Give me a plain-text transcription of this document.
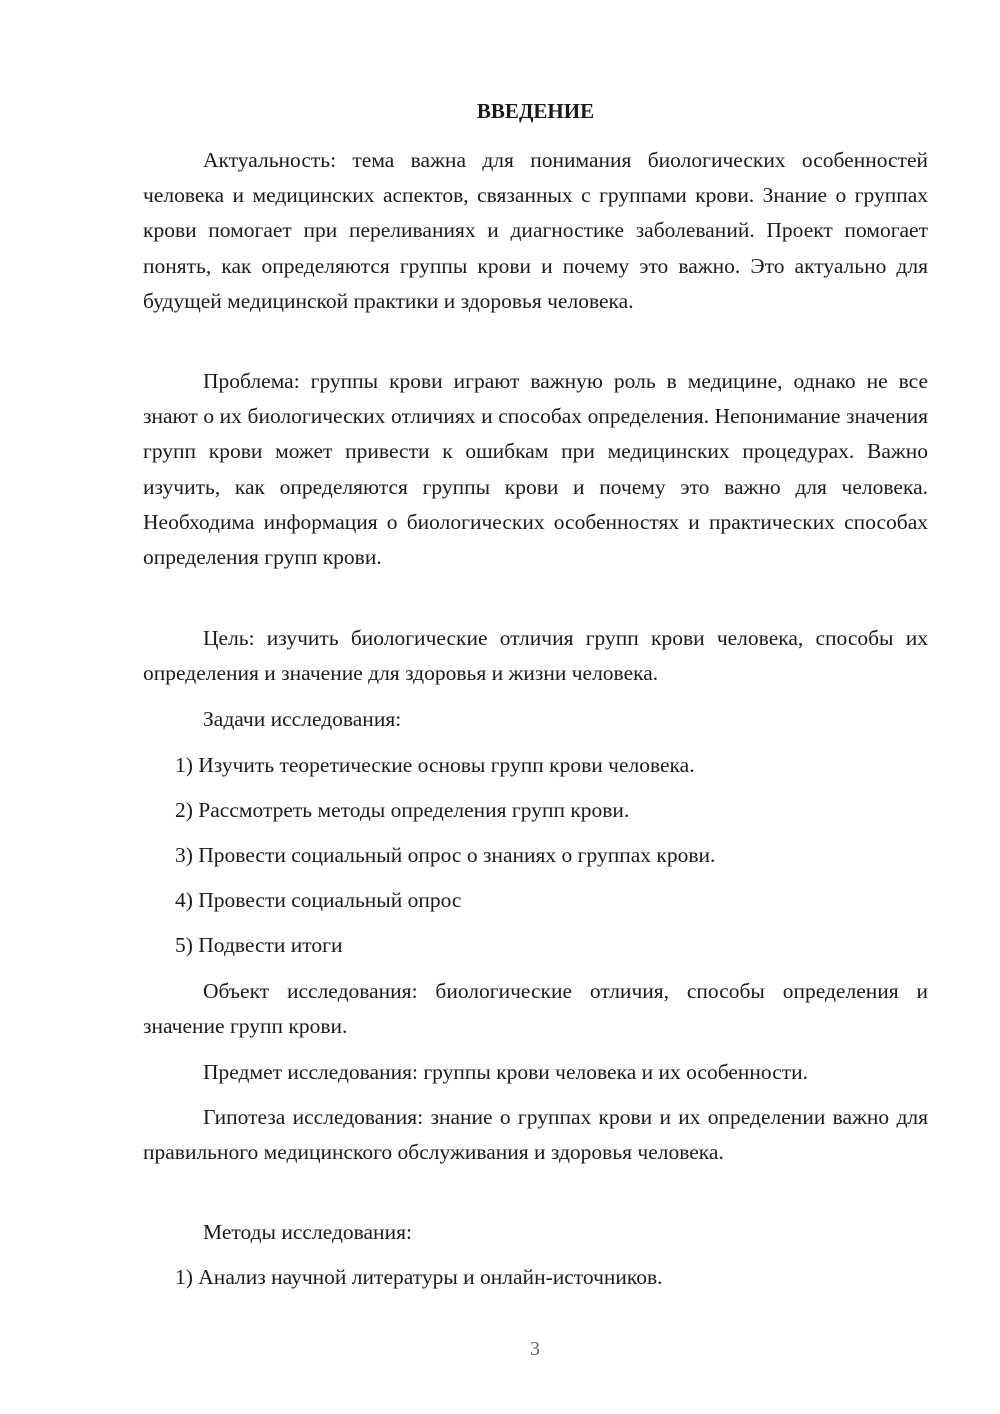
ВВЕДЕНИЕ

Актуальность: тема важна для понимания биологических особенностей человека и медицинских аспектов, связанных с группами крови. Знание о группах крови помогает при переливаниях и диагностике заболеваний. Проект помогает понять, как определяются группы крови и почему это важно. Это актуально для будущей медицинской практики и здоровья человека.

Проблема: группы крови играют важную роль в медицине, однако не все знают о их биологических отличиях и способах определения. Непонимание значения групп крови может привести к ошибкам при медицинских процедурах. Важно изучить, как определяются группы крови и почему это важно для человека. Необходима информация о биологических особенностях и практических способах определения групп крови.

Цель: изучить биологические отличия групп крови человека, способы их определения и значение для здоровья и жизни человека.

Задачи исследования:

1) Изучить теоретические основы групп крови человека.

2) Рассмотреть методы определения групп крови.

3) Провести социальный опрос о знаниях о группах крови.

4) Провести социальный опрос

5) Подвести итоги

Объект исследования: биологические отличия, способы определения и значение групп крови.

Предмет исследования: группы крови человека и их особенности.

Гипотеза исследования: знание о группах крови и их определении важно для правильного медицинского обслуживания и здоровья человека.

Методы исследования:

1) Анализ научной литературы и онлайн-источников.

3
